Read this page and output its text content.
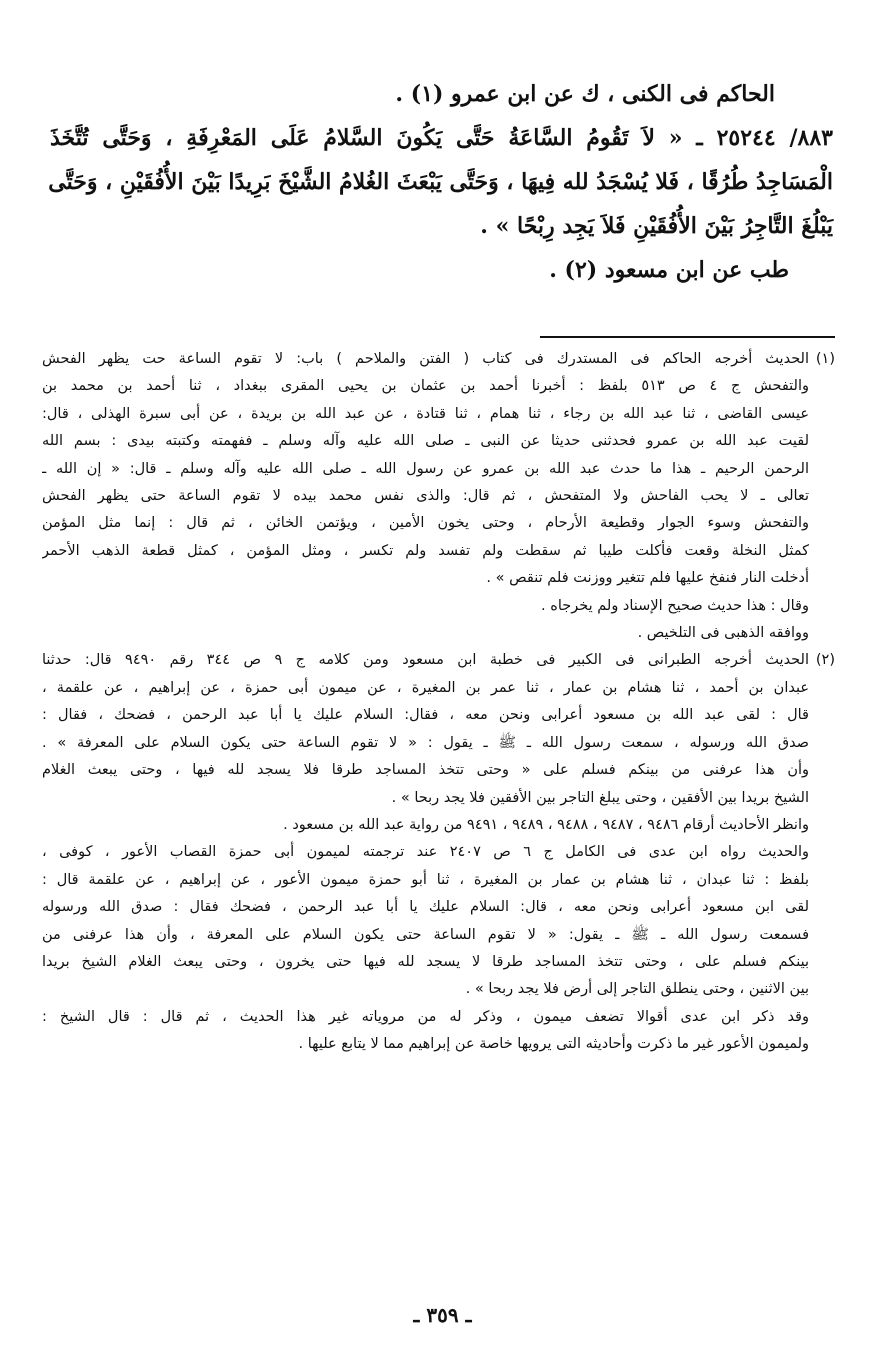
الحاكم فى الكنى ، ك عن ابن عمرو (١) .

٨٨٣/ ٢٥٢٤٤ ـ « لاَ تَقُومُ السَّاعَةُ حَتَّى يَكُونَ السَّلامُ عَلَى المَعْرِفَةِ ، وَحَتَّى تُتَّخَذَ

الْمَسَاجِدُ طُرُقًا ، فَلا يُسْجَدُ لله فِيهَا ، وَحَتَّى يَبْعَثَ الغُلامُ الشَّيْخَ بَرِيدًا بَيْنَ الأُفُقَيْنِ ، وَحَتَّى

يَبْلُغَ التَّاجِرُ بَيْنَ الأُفُقَيْنِ فَلاَ يَجِد رِبْحًا » .

طب عن ابن مسعود (٢) .

(١)الحديث أخرجه الحاكم فى المستدرك فى كتاب ( الفتن والملاحم ) باب: لا تقوم الساعة حت يظهر الفحش

والتفحش ج ٤ ص ٥١٣ بلفظ : أخبرنا أحمد بن عثمان بن يحيى المقرى ببغداد ، ثنا أحمد بن محمد بن

عيسى القاضى ، ثنا عبد الله بن رجاء ، ثنا همام ، ثنا قتادة ، عن عبد الله بن بريدة ، عن أبى سبرة الهذلى ، قال:

لقيت عبد الله بن عمرو فحدثنى حديثا عن النبى ـ صلى الله عليه وآله وسلم ـ ففهمته وكتبته بيدى : بسم الله

الرحمن الرحيم ـ هذا ما حدث عبد الله بن عمرو عن رسول الله ـ صلى الله عليه وآله وسلم ـ قال: « إن الله ـ

تعالى ـ لا يحب الفاحش ولا المتفحش ، ثم قال: والذى نفس محمد بيده لا تقوم الساعة حتى يظهر الفحش

والتفحش وسوء الجوار وقطيعة الأرحام ، وحتى يخون الأمين ، ويؤتمن الخائن ، ثم قال : إنما مثل المؤمن

كمثل النخلة وقعت فأكلت طيبا ثم سقطت ولم تفسد ولم تكسر ، ومثل المؤمن ، كمثل قطعة الذهب الأحمر

أدخلت النار فنفخ عليها فلم تتغير ووزنت فلم تنقص » .

وقال : هذا حديث صحيح الإسناد ولم يخرجاه .

ووافقه الذهبى فى التلخيص .

(٢)الحديث أخرجه الطبرانى فى الكبير فى خطبة ابن مسعود ومن كلامه ج ٩ ص ٣٤٤ رقم ٩٤٩٠ قال: حدثنا

عبدان بن أحمد ، ثنا هشام بن عمار ، ثنا عمر بن المغيرة ، عن ميمون أبى حمزة ، عن إبراهيم ، عن علقمة ،

قال : لقى عبد الله بن مسعود أعرابى ونحن معه ، فقال: السلام عليك يا أبا عبد الرحمن ، فضحك ، فقال :

صدق الله ورسوله ، سمعت رسول الله ـ ﷺ ـ يقول : « لا تقوم الساعة حتى يكون السلام على المعرفة » .

وأن هذا عرفنى من بينكم فسلم على « وحتى تتخذ المساجد طرقا فلا يسجد لله فيها ، وحتى يبعث الغلام

الشيخ بريدا بين الأفقين ، وحتى يبلغ التاجر بين الأفقين فلا يجد ربحا » .

وانظر الأحاديث أرقام ٩٤٨٦ ، ٩٤٨٧ ، ٩٤٨٨ ، ٩٤٨٩ ، ٩٤٩١ من رواية عبد الله بن مسعود .

والحديث رواه ابن عدى فى الكامل ج ٦ ص ٢٤٠٧ عند ترجمته لميمون أبى حمزة القصاب الأعور ، كوفى ،

بلفظ : ثنا عبدان ، ثنا هشام بن عمار بن المغيرة ، ثنا أبو حمزة ميمون الأعور ، عن إبراهيم ، عن علقمة قال :

لقى ابن مسعود أعرابى ونحن معه ، قال: السلام عليك يا أبا عبد الرحمن ، فضحك فقال : صدق الله ورسوله

فسمعت رسول الله ـ ﷺ ـ يقول: « لا تقوم الساعة حتى يكون السلام على المعرفة ، وأن هذا عرفنى من

بينكم فسلم على ، وحتى تتخذ المساجد طرقا لا يسجد لله فيها حتى يخرون ، وحتى يبعث الغلام الشيخ بريدا

بين الاثنين ، وحتى ينطلق التاجر إلى أرض فلا يجد ربحا » .

وقد ذكر ابن عدى أقوالا تضعف ميمون ، وذكر له من مروياته غير هذا الحديث ، ثم قال : قال الشيخ :

ولميمون الأعور غير ما ذكرت وأحاديثه التى يرويها خاصة عن إبراهيم مما لا يتابع عليها .

ـ ٣٥٩ ـ
